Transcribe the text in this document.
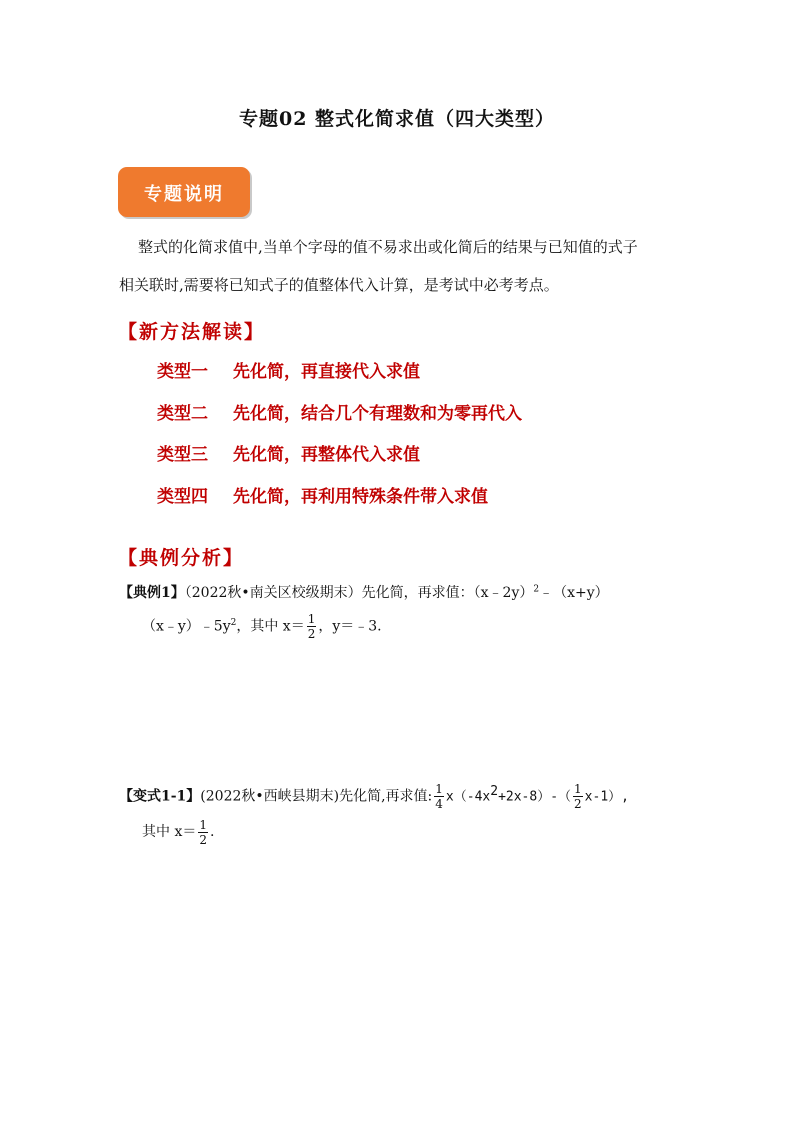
专题02 整式化简求值（四大类型）
专题说明
整式的化简求值中,当单个字母的值不易求出或化简后的结果与已知值的式子
相关联时,需要将已知式子的值整体代入计算，是考试中必考考点。
【新方法解读】
类型一 先化简，再直接代入求值
类型二 先化简，结合几个有理数和为零再代入
类型三 先化简，再整体代入求值
类型四 先化简，再利用特殊条件带入求值
【典例分析】
【典例1】（2022秋•南关区校级期末）先化简，再求值：（x﹣2y）$^2$﹣（x+y）
$(x﹣y)﹣5y^2$，其中 $x= \frac{1}{2}$ ，y＝﹣3.
【变式1-1】(2022秋•西峡县期末)先化简,再求值: $\frac{1}{4} x(-4x^2+2x-8)-( \frac{1}{2} x-1)$,
其中 $x= \frac{1}{2}$ .
